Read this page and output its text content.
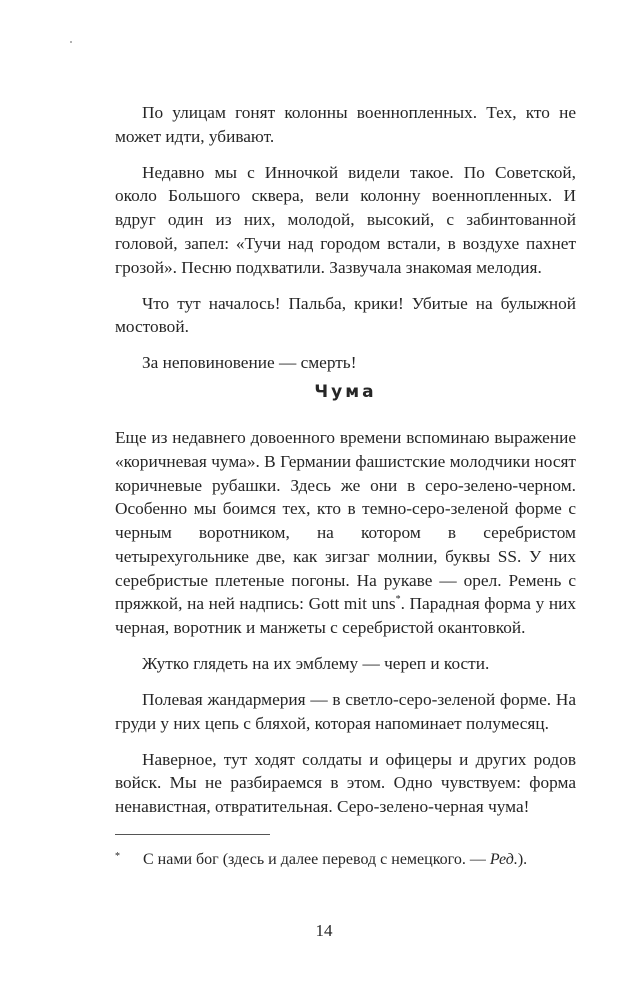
По улицам гонят колонны военнопленных. Тех, кто не может идти, убивают.

Недавно мы с Инночкой видели такое. По Советской, около Большого сквера, вели колонну военнопленных. И вдруг один из них, молодой, высокий, с забинтованной головой, запел: «Тучи над городом встали, в воздухе пахнет грозой». Песню подхватили. Зазвучала знакомая мелодия.

Что тут началось! Пальба, крики! Убитые на булыжной мостовой.

За неповиновение — смерть!

Чума

Еще из недавнего довоенного времени вспоминаю выражение «коричневая чума». В Германии фашистские молодчики носят коричневые рубашки. Здесь же они в серо-зелено-черном. Особенно мы боимся тех, кто в темно-серо-зеленой форме с черным воротником, на котором в серебристом четырехугольнике две, как зигзаг молнии, буквы SS. У них серебристые плетеные погоны. На рукаве — орел. Ремень с пряжкой, на ней надпись: Gott mit uns*. Парадная форма у них черная, воротник и манжеты с серебристой окантовкой.

Жутко глядеть на их эмблему — череп и кости.

Полевая жандармерия — в светло-серо-зеленой форме. На груди у них цепь с бляхой, которая напоминает полумесяц.

Наверное, тут ходят солдаты и офицеры и других родов войск. Мы не разбираемся в этом. Одно чувствуем: форма ненавистная, отвратительная. Серо-зелено-черная чума!

*	С нами бог (здесь и далее перевод с немецкого. — Ред.).
14
